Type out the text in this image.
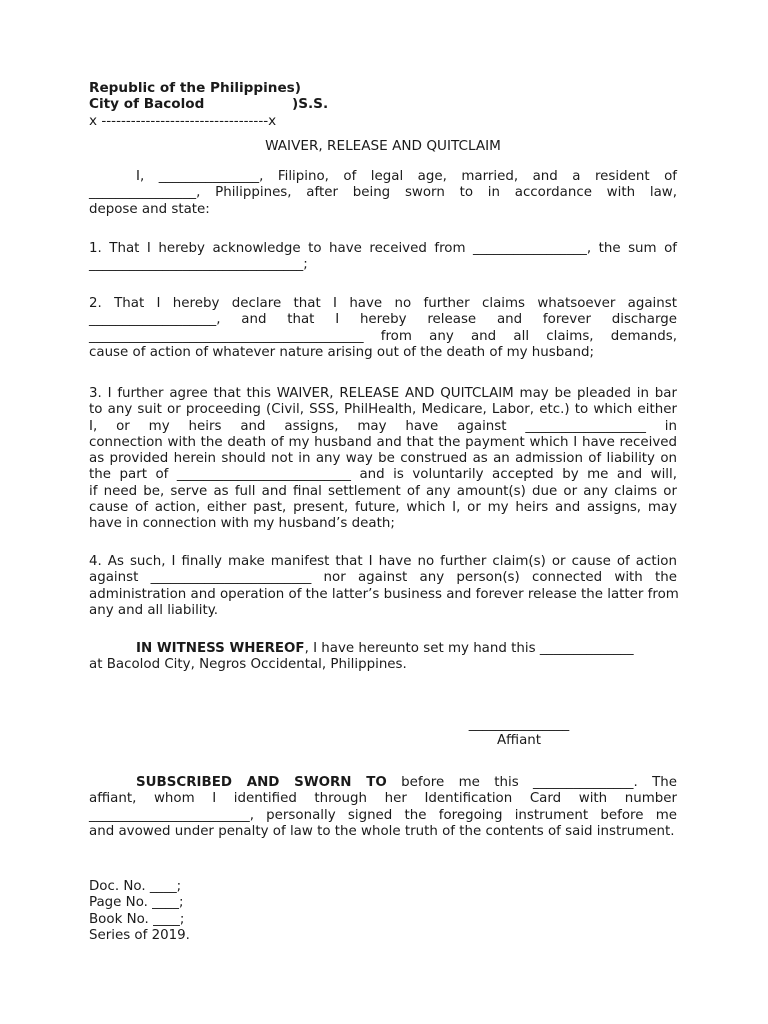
Republic of the Philippines)
City of Bacolod	)S.S.
x ----------------------------------x
WAIVER, RELEASE AND QUITCLAIM
I, _______________, Filipino, of legal age, married, and a resident of
________________, Philippines, after being sworn to in accordance with law,
depose and state:
1. That I hereby acknowledge to have received from _________________, the sum of
________________________________;
2. That I hereby declare that I have no further claims whatsoever against
___________________, and that I hereby release and forever discharge
_________________________________________ from any and all claims, demands,
cause of action of whatever nature arising out of the death of my husband;
3. I further agree that this WAIVER, RELEASE AND QUITCLAIM may be pleaded in bar
to any suit or proceeding (Civil, SSS, PhilHealth, Medicare, Labor, etc.) to which either
I, or my heirs and assigns, may have against __________________ in
connection with the death of my husband and that the payment which I have received
as provided herein should not in any way be construed as an admission of liability on
the part of __________________________ and is voluntarily accepted by me and will,
if need be, serve as full and final settlement of any amount(s) due or any claims or
cause of action, either past, present, future, which I, or my heirs and assigns, may
have in connection with my husband’s death;
4. As such, I finally make manifest that I have no further claim(s) or cause of action
against ________________________ nor against any person(s) connected with the
administration and operation of the latter’s business and forever release the latter from
any and all liability.
IN WITNESS WHEREOF, I have hereunto set my hand this ______________
at Bacolod City, Negros Occidental, Philippines.
_______________
Affiant
SUBSCRIBED AND SWORN TO before me this _______________. The
affiant, whom I identified through her Identification Card with number
________________________, personally signed the foregoing instrument before me
and avowed under penalty of law to the whole truth of the contents of said instrument.
Doc. No. ____;
Page No. ____;
Book No. ____;
Series of 2019.
